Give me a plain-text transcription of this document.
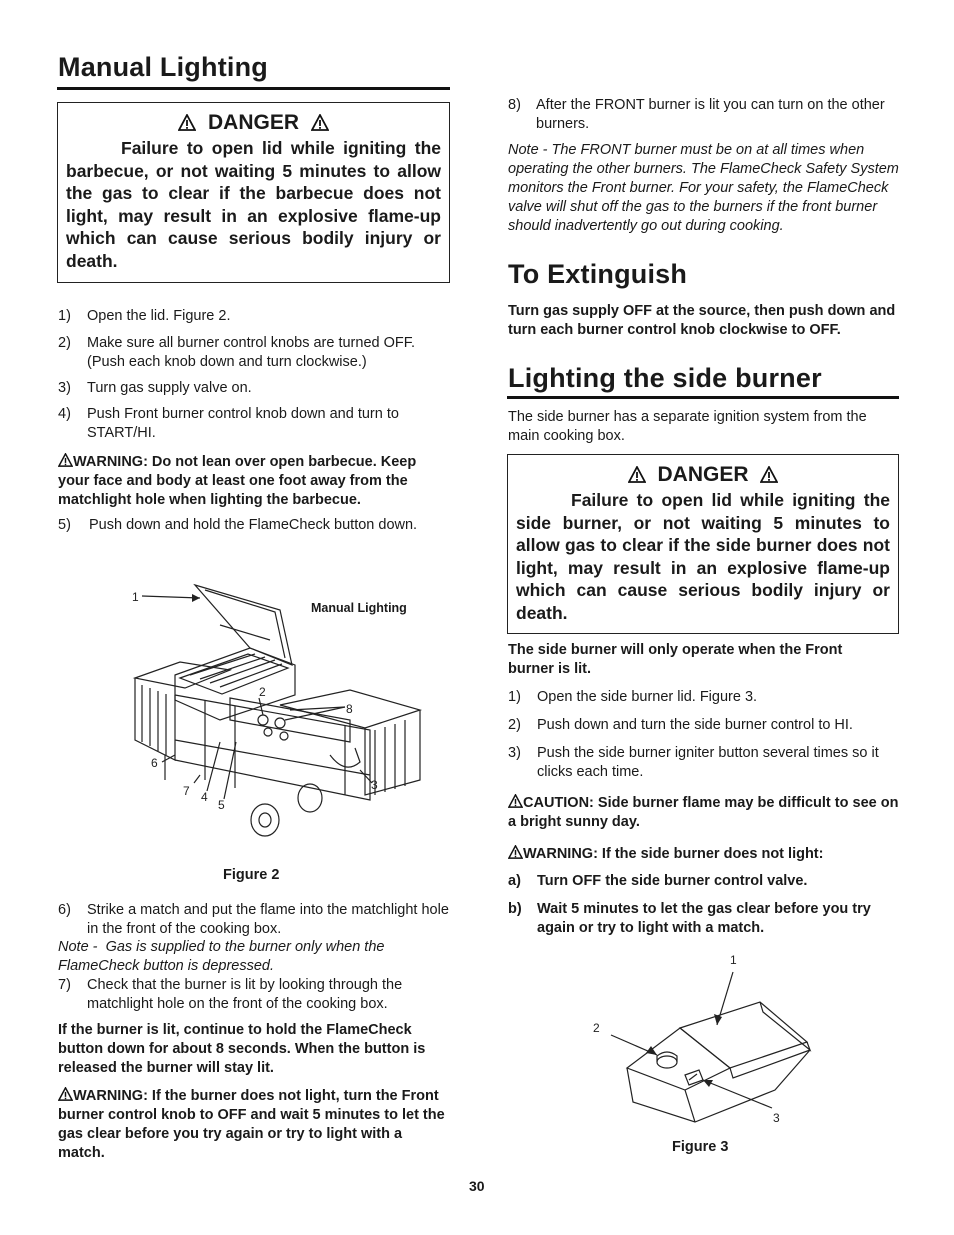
Manual Lighting
DANGER

Failure to open lid while igniting the barbecue, or not waiting 5 minutes to allow the gas to clear if the barbecue does not light, may result in an explosive flame-up which can cause serious bodily injury or death.

1)	Open the lid. Figure 2.
2)	Make sure all burner control knobs are turned OFF. (Push each knob down and turn clockwise.)
3)	Turn gas supply valve on.
4)	Push Front burner control knob down and turn to START/HI.
WARNING: Do not lean over open barbecue. Keep your face and body at least one foot away from the matchlight hole when lighting the barbecue.
5)	Push down and hold the FlameCheck button down.
1
2
8
6
7 4
5
3
Manual Lighting
Figure 2
6)	Strike a match and put the flame into the matchlight hole in the front of the cooking box.
Note - Gas is supplied to the burner only when the FlameCheck button is depressed.
7)	Check that the burner is lit by looking through the matchlight hole on the front of the cooking box.
If the burner is lit, continue to hold the FlameCheck button down for about 8 seconds. When the button is released the burner will stay lit.
WARNING: If the burner does not light, turn the Front burner control knob to OFF and wait 5 minutes to let the gas clear before you try again or try to light with a match.
8)	After the FRONT burner is lit you can turn on the other burners.
Note - The FRONT burner must be on at all times when operating the other burners. The FlameCheck Safety System monitors the Front burner. For your safety, the FlameCheck valve will shut off the gas to the burners if the front burner should inadvertently go out during cooking.
To Extinguish
Turn gas supply OFF at the source, then push down and turn each burner control knob clockwise to OFF.
Lighting the side burner
The side burner has a separate ignition system from the main cooking box.
DANGER

Failure to open lid while igniting the side burner, or not waiting 5 minutes to allow gas to clear if the side burner does not light, may result in an explosive flame-up which can cause serious bodily injury or death.

The side burner will only operate when the Front burner is lit.
1)	Open the side burner lid. Figure 3.
2)	Push down and turn the side burner control to HI.
3)	Push the side burner igniter button several times so it clicks each time.
CAUTION: Side burner flame may be difficult to see on a bright sunny day.
WARNING: If the side burner does not light:
a)	Turn OFF the side burner control valve.
b)	Wait 5 minutes to let the gas clear before you try again or try to light with a match.
1
2
3
Figure 3
30
